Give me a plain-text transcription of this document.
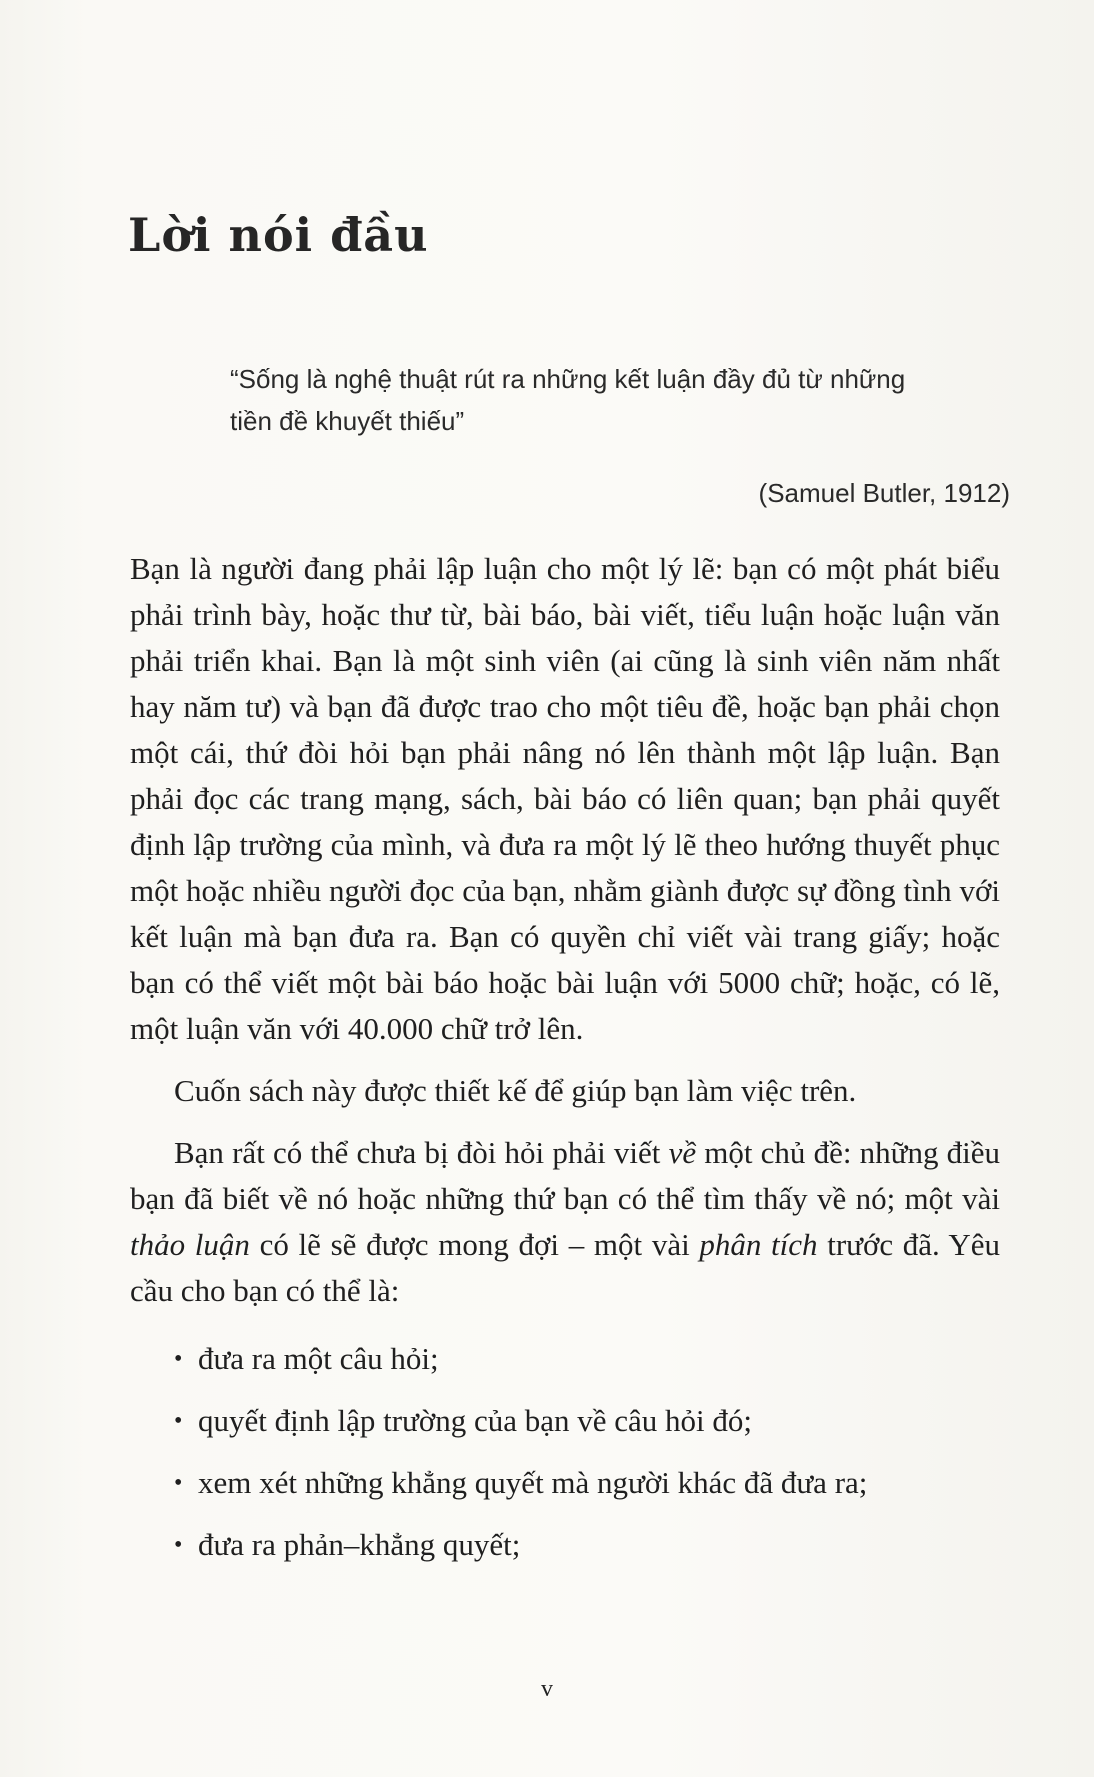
Lời nói đầu

“Sống là nghệ thuật rút ra những kết luận đầy đủ từ những

tiền đề khuyết thiếu”

(Samuel Butler, 1912)

Bạn là người đang phải lập luận cho một lý lẽ: bạn có một phát biểu phải trình bày, hoặc thư từ, bài báo, bài viết, tiểu luận hoặc luận văn phải triển khai. Bạn là một sinh viên (ai cũng là sinh viên năm nhất hay năm tư) và bạn đã được trao cho một tiêu đề, hoặc bạn phải chọn một cái, thứ đòi hỏi bạn phải nâng nó lên thành một lập luận. Bạn phải đọc các trang mạng, sách, bài báo có liên quan; bạn phải quyết định lập trường của mình, và đưa ra một lý lẽ theo hướng thuyết phục một hoặc nhiều người đọc của bạn, nhằm giành được sự đồng tình với kết luận mà bạn đưa ra. Bạn có quyền chỉ viết vài trang giấy; hoặc bạn có thể viết một bài báo hoặc bài luận với 5000 chữ; hoặc, có lẽ, một luận văn với 40.000 chữ trở lên.

Cuốn sách này được thiết kế để giúp bạn làm việc trên.

Bạn rất có thể chưa bị đòi hỏi phải viết về một chủ đề: những điều bạn đã biết về nó hoặc những thứ bạn có thể tìm thấy về nó; một vài thảo luận có lẽ sẽ được mong đợi – một vài phân tích trước đã. Yêu cầu cho bạn có thể là:

• đưa ra một câu hỏi;
• quyết định lập trường của bạn về câu hỏi đó;
• xem xét những khẳng quyết mà người khác đã đưa ra;
• đưa ra phản–khẳng quyết;
v
